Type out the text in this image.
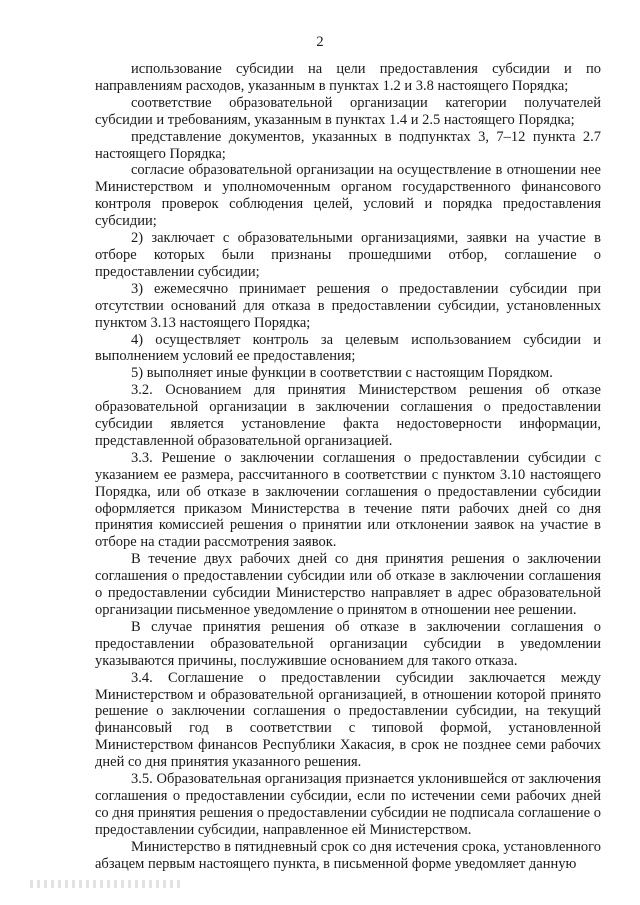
2

использование субсидии на цели предоставления субсидии и по направлениям расходов, указанным в пунктах 1.2 и 3.8 настоящего Порядка;

соответствие образовательной организации категории получателей субсидии и требованиям, указанным в пунктах 1.4 и 2.5 настоящего Порядка;

представление документов, указанных в подпунктах 3, 7–12 пункта 2.7 настоящего Порядка;

согласие образовательной организации на осуществление в отношении нее Министерством и уполномоченным органом государственного финансового контроля проверок соблюдения целей, условий и порядка предоставления субсидии;

2) заключает с образовательными организациями, заявки на участие в отборе которых были признаны прошедшими отбор, соглашение о предоставлении субсидии;

3) ежемесячно принимает решения о предоставлении субсидии при отсутствии оснований для отказа в предоставлении субсидии, установленных пунктом 3.13 настоящего Порядка;

4) осуществляет контроль за целевым использованием субсидии и выполнением условий ее предоставления;

5) выполняет иные функции в соответствии с настоящим Порядком.

3.2. Основанием для принятия Министерством решения об отказе образовательной организации в заключении соглашения о предоставлении субсидии является установление факта недостоверности информации, представленной образовательной организацией.

3.3. Решение о заключении соглашения о предоставлении субсидии с указанием ее размера, рассчитанного в соответствии с пунктом 3.10 настоящего Порядка, или об отказе в заключении соглашения о предоставлении субсидии оформляется приказом Министерства в течение пяти рабочих дней со дня принятия комиссией решения о принятии или отклонении заявок на участие в отборе на стадии рассмотрения заявок.

В течение двух рабочих дней со дня принятия решения о заключении соглашения о предоставлении субсидии или об отказе в заключении соглашения о предоставлении субсидии Министерство направляет в адрес образовательной организации письменное уведомление о принятом в отношении нее решении.

В случае принятия решения об отказе в заключении соглашения о предоставлении образовательной организации субсидии в уведомлении указываются причины, послужившие основанием для такого отказа.

3.4. Соглашение о предоставлении субсидии заключается между Министерством и образовательной организацией, в отношении которой принято решение о заключении соглашения о предоставлении субсидии, на текущий финансовый год в соответствии с типовой формой, установленной Министерством финансов Республики Хакасия, в срок не позднее семи рабочих дней со дня принятия указанного решения.

3.5. Образовательная организация признается уклонившейся от заключения соглашения о предоставлении субсидии, если по истечении семи рабочих дней со дня принятия решения о предоставлении субсидии не подписала соглашение о предоставлении субсидии, направленное ей Министерством.

Министерство в пятидневный срок со дня истечения срока, установленного абзацем первым настоящего пункта, в письменной форме уведомляет данную
